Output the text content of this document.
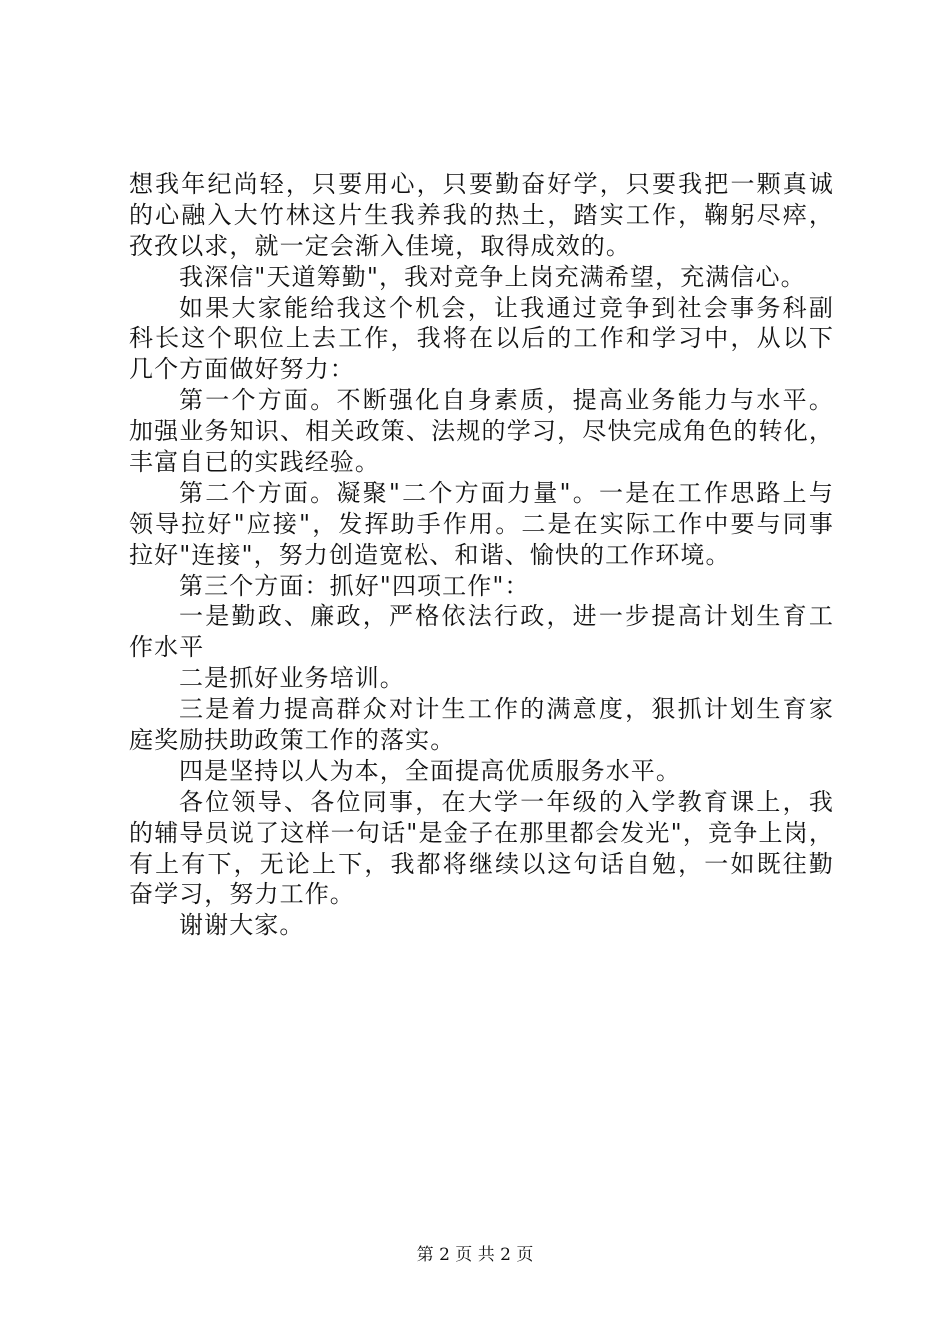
想我年纪尚轻，只要用心，只要勤奋好学，只要我把一颗真诚
的心融入大竹林这片生我养我的热土，踏实工作，鞠躬尽瘁，
孜孜以求，就一定会渐入佳境，取得成效的。
我深信"天道筹勤"，我对竞争上岗充满希望，充满信心。
如果大家能给我这个机会，让我通过竞争到社会事务科副
科长这个职位上去工作，我将在以后的工作和学习中，从以下
几个方面做好努力：
第一个方面。不断强化自身素质，提高业务能力与水平。
加强业务知识、相关政策、法规的学习，尽快完成角色的转化，
丰富自已的实践经验。
第二个方面。凝聚"二个方面力量"。一是在工作思路上与
领导拉好"应接"，发挥助手作用。二是在实际工作中要与同事
拉好"连接"，努力创造宽松、和谐、愉快的工作环境。
第三个方面：抓好"四项工作"：
一是勤政、廉政，严格依法行政，进一步提高计划生育工
作水平
二是抓好业务培训。
三是着力提高群众对计生工作的满意度，狠抓计划生育家
庭奖励扶助政策工作的落实。
四是坚持以人为本，全面提高优质服务水平。
各位领导、各位同事，在大学一年级的入学教育课上，我
的辅导员说了这样一句话"是金子在那里都会发光"，竞争上岗，
有上有下，无论上下，我都将继续以这句话自勉，一如既往勤
奋学习，努力工作。
谢谢大家。
第 2 页 共 2 页
